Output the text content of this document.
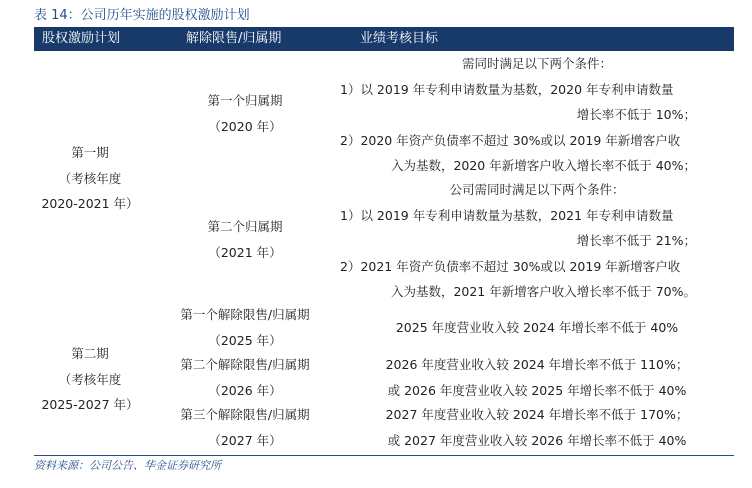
表 14：公司历年实施的股权激励计划
股权激励计划	解除限售/归属期	业绩考核目标
第一期
（考核年度
2020-2021 年）
第一个归属期
（2020 年）
需同时满足以下两个条件：
1）以 2019 年专利申请数量为基数，2020 年专利申请数量
增长率不低于 10%；
2）2020 年资产负债率不超过 30%或以 2019 年新增客户收
入为基数，2020 年新增客户收入增长率不低于 40%；
第二个归属期
（2021 年）
公司需同时满足以下两个条件：
1）以 2019 年专利申请数量为基数，2021 年专利申请数量
增长率不低于 21%；
2）2021 年资产负债率不超过 30%或以 2019 年新增客户收
入为基数，2021 年新增客户收入增长率不低于 70%。
第二期
（考核年度
2025-2027 年）
第一个解除限售/归属期
（2025 年）
2025 年度营业收入较 2024 年增长率不低于 40%
第二个解除限售/归属期
（2026 年）
2026 年度营业收入较 2024 年增长率不低于 110%；
或 2026 年度营业收入较 2025 年增长率不低于 40%
第三个解除限售/归属期
（2027 年）
2027 年度营业收入较 2024 年增长率不低于 170%；
或 2027 年度营业收入较 2026 年增长率不低于 40%
资料来源：公司公告、华金证券研究所
